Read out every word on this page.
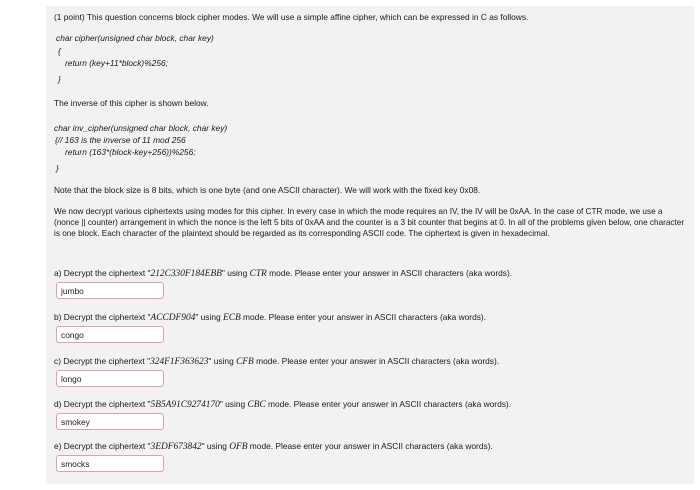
(1 point) This question concerns block cipher modes. We will use a simple affine cipher, which can be expressed in C as follows.
char cipher(unsigned char block, char key)
{
return (key+11*block)%256;
}
The inverse of this cipher is shown below.
char inv_cipher(unsigned char block, char key)
{// 163 is the inverse of 11 mod 256
return (163*(block-key+256))%256;
}
Note that the block size is 8 bits, which is one byte (and one ASCII character). We will work with the fixed key 0x08.
We now decrypt various ciphertexts using modes for this cipher. In every case in which the mode requires an IV, the IV will be 0xAA. In the case of CTR mode, we use a (nonce || counter) arrangement in which the nonce is the left 5 bits of 0xAA and the counter is a 3 bit counter that begins at 0. In all of the problems given below, one character is one block. Each character of the plaintext should be regarded as its corresponding ASCII code. The ciphertext is given in hexadecimal.
a) Decrypt the ciphertext "212C330F184EBB" using CTR mode. Please enter your answer in ASCII characters (aka words).
jumbo
b) Decrypt the ciphertext "ACCDF904" using ECB mode. Please enter your answer in ASCII characters (aka words).
congo
c) Decrypt the ciphertext "324F1F363623" using CFB mode. Please enter your answer in ASCII characters (aka words).
longo
d) Decrypt the ciphertext "5B5A91C9274170" using CBC mode. Please enter your answer in ASCII characters (aka words).
smokey
e) Decrypt the ciphertext "3EDF673842" using OFB mode. Please enter your answer in ASCII characters (aka words).
smocks
